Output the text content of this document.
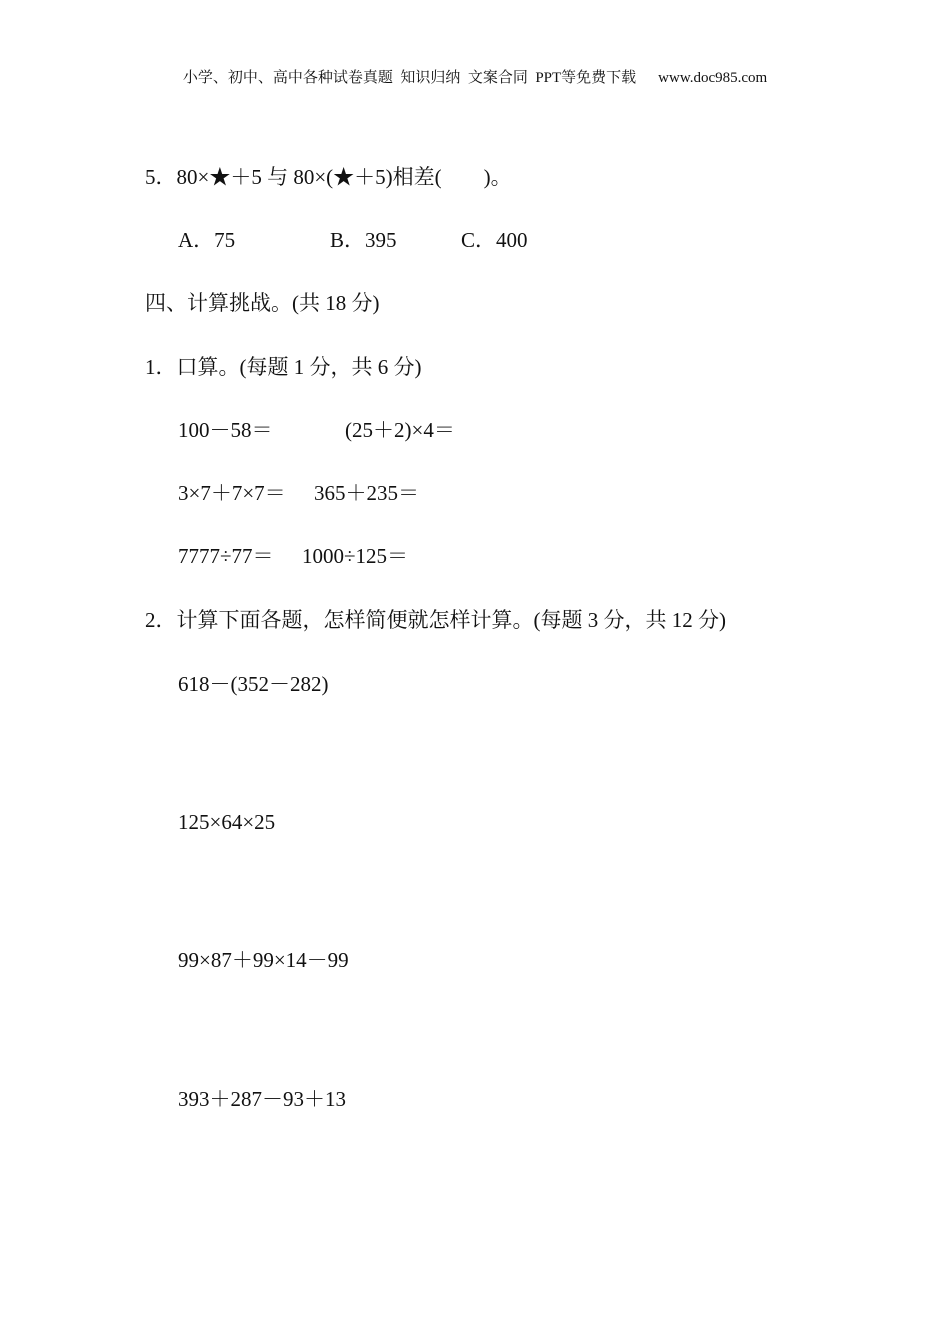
小学、初中、高中各种试卷真题  知识归纳  文案合同  PPT等免费下载 www.doc985.com
5．80×★＋5 与 80×(★＋5)相差(　　)。
A．75	B．395	C．400
四、计算挑战。(共 18 分)
1．口算。(每题 1 分，共 6 分)
100－58＝	(25＋2)×4＝
3×7＋7×7＝ 365＋235＝
7777÷77＝ 1000÷125＝
2．计算下面各题，怎样简便就怎样计算。(每题 3 分，共 12 分)
618－(352－282)
125×64×25
99×87＋99×14－99
393＋287－93＋13
